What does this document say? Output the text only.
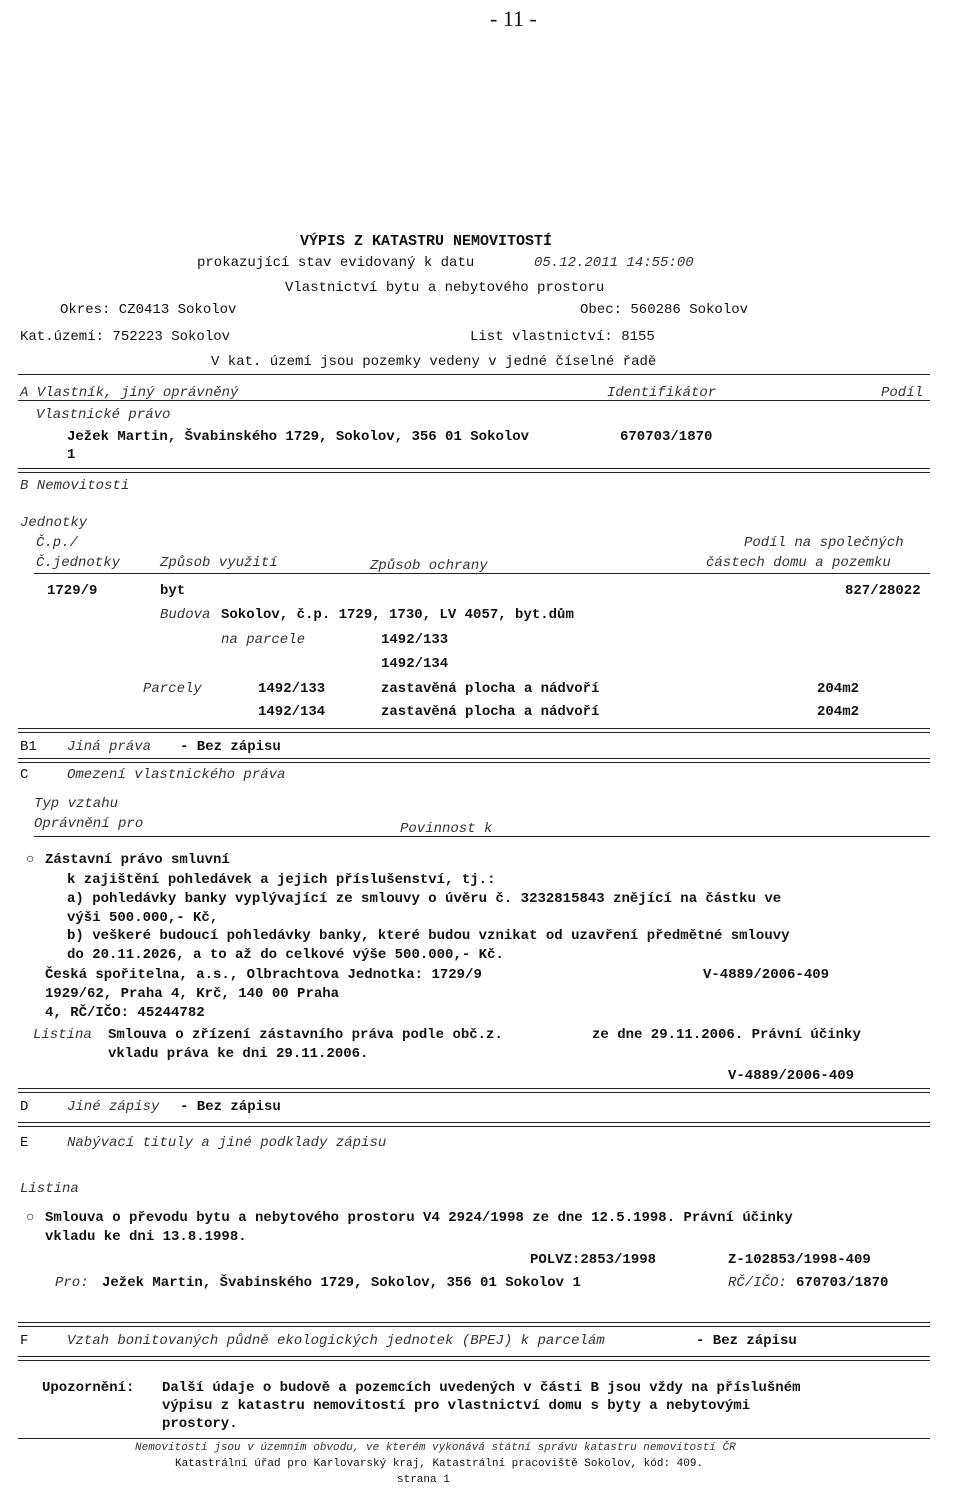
- 11 -
VÝPIS Z KATASTRU NEMOVITOSTÍ
prokazující stav evidovaný k datu	05.12.2011 14:55:00
Vlastnictví bytu a nebytového prostoru
Okres: CZ0413 Sokolov	Obec: 560286 Sokolov
Kat.území: 752223 Sokolov	List vlastnictví: 8155
V kat. území jsou pozemky vedeny v jedné číselné řadě
A Vlastník, jiný oprávněný	Identifikátor	Podíl
Vlastnické právo
Ježek Martin, Švabinského 1729, Sokolov, 356 01 Sokolov	670703/1870
1
B Nemovitosti
Jednotky
Č.p./
Č.jednotky	Způsob využití	Způsob ochrany
Podíl na společných
částech domu a pozemku
1729/9	byt	827/28022
Budova Sokolov, č.p. 1729, 1730, LV 4057, byt.dům
na parcele	1492/133
1492/134
Parcely	1492/133	zastavěná plocha a nádvoří	204m2
1492/134	zastavěná plocha a nádvoří	204m2
B1 Jiná práva - Bez zápisu
C	Omezení vlastnického práva
Typ vztahu
Oprávnění pro	Povinnost k
○ Zástavní právo smluvní
k zajištění pohledávek a jejich příslušenství, tj.:
a) pohledávky banky vyplývající ze smlouvy o úvěru č. 3232815843 znějící na částku ve
výši 500.000,- Kč,
b) veškeré budoucí pohledávky banky, které budou vznikat od uzavření předmětné smlouvy
do 20.11.2026, a to až do celkové výše 500.000,- Kč.
Česká spořitelna, a.s., Olbrachtova Jednotka: 1729/9	V-4889/2006-409
1929/62, Praha 4, Krč, 140 00 Praha
4, RČ/IČO: 45244782
Listina Smlouva o zřízení zástavního práva podle obč.z.	ze dne 29.11.2006. Právní účinky
vkladu práva ke dni 29.11.2006.
V-4889/2006-409
D	Jiné zápisy - Bez zápisu
E	Nabývací tituly a jiné podklady zápisu
Listina
○ Smlouva o převodu bytu a nebytového prostoru V4 2924/1998 ze dne 12.5.1998. Právní účinky
vkladu ke dni 13.8.1998.
POLVZ:2853/1998	Z-102853/1998-409
Pro: Ježek Martin, Švabinského 1729, Sokolov, 356 01 Sokolov 1	RČ/IČO: 670703/1870
F	Vztah bonitovaných půdně ekologických jednotek (BPEJ) k parcelám	- Bez zápisu
Upozornění: Další údaje o budově a pozemcích uvedených v části B jsou vždy na příslušném
výpisu z katastru nemovitostí pro vlastnictví domu s byty a nebytovými
prostory.
Nemovitosti jsou v územním obvodu, ve kterém vykonává státní správu katastru nemovitostí ČR
Katastrální úřad pro Karlovarský kraj, Katastrální pracoviště Sokolov, kód: 409.
strana 1
